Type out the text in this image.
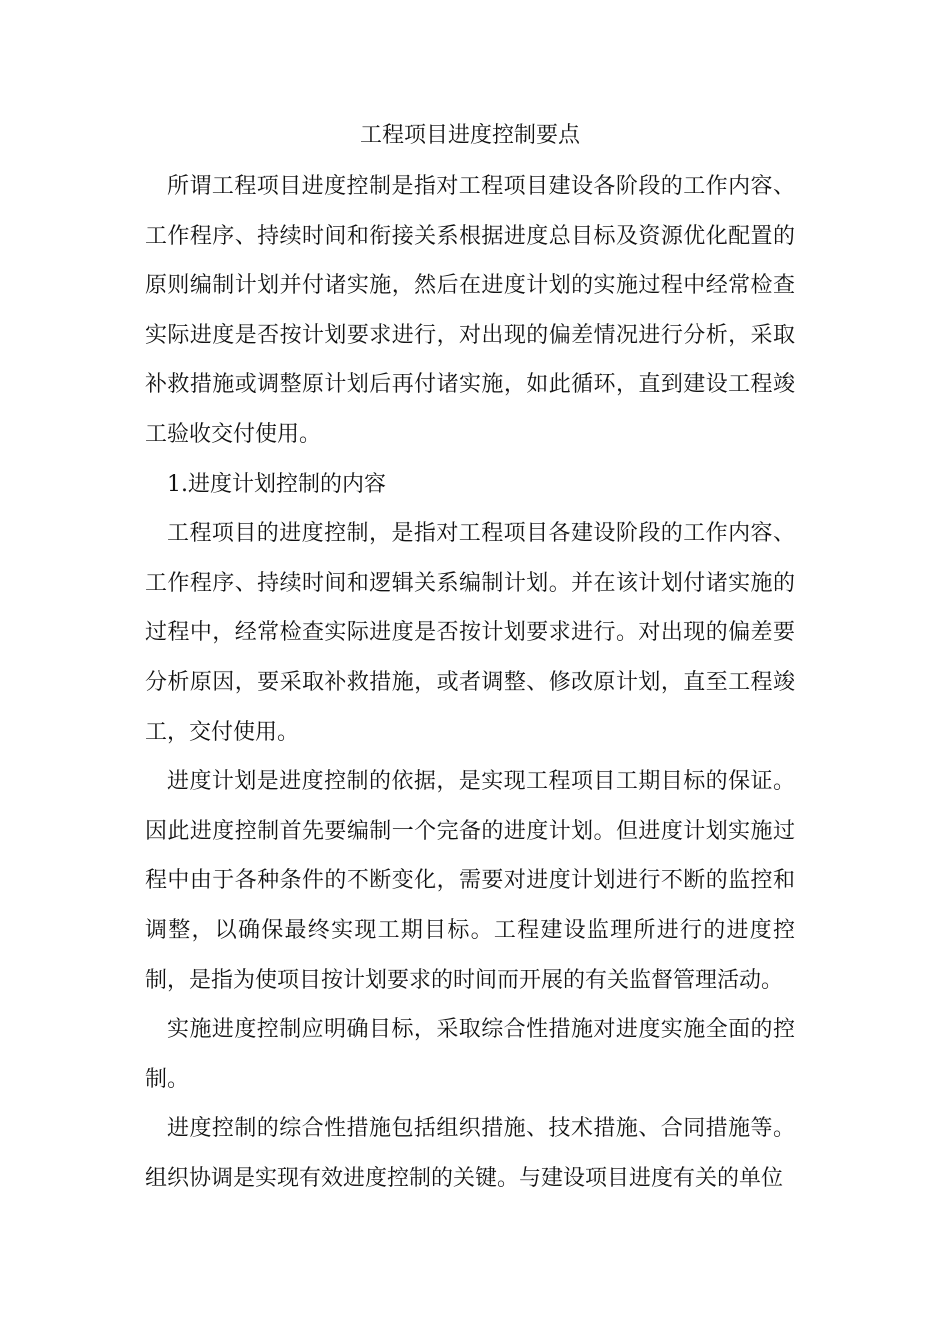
工程项目进度控制要点

所谓工程项目进度控制是指对工程项目建设各阶段的工作内容、工作程序、持续时间和衔接关系根据进度总目标及资源优化配置的原则编制计划并付诸实施，然后在进度计划的实施过程中经常检查实际进度是否按计划要求进行，对出现的偏差情况进行分析，采取补救措施或调整原计划后再付诸实施，如此循环，直到建设工程竣工验收交付使用。

1.进度计划控制的内容

工程项目的进度控制，是指对工程项目各建设阶段的工作内容、工作程序、持续时间和逻辑关系编制计划。并在该计划付诸实施的过程中，经常检查实际进度是否按计划要求进行。对出现的偏差要分析原因，要采取补救措施，或者调整、修改原计划，直至工程竣工，交付使用。

进度计划是进度控制的依据，是实现工程项目工期目标的保证。因此进度控制首先要编制一个完备的进度计划。但进度计划实施过程中由于各种条件的不断变化，需要对进度计划进行不断的监控和调整，以确保最终实现工期目标。工程建设监理所进行的进度控制，是指为使项目按计划要求的时间而开展的有关监督管理活动。

实施进度控制应明确目标，采取综合性措施对进度实施全面的控制。

进度控制的综合性措施包括组织措施、技术措施、合同措施等。组织协调是实现有效进度控制的关键。与建设项目进度有关的单位
